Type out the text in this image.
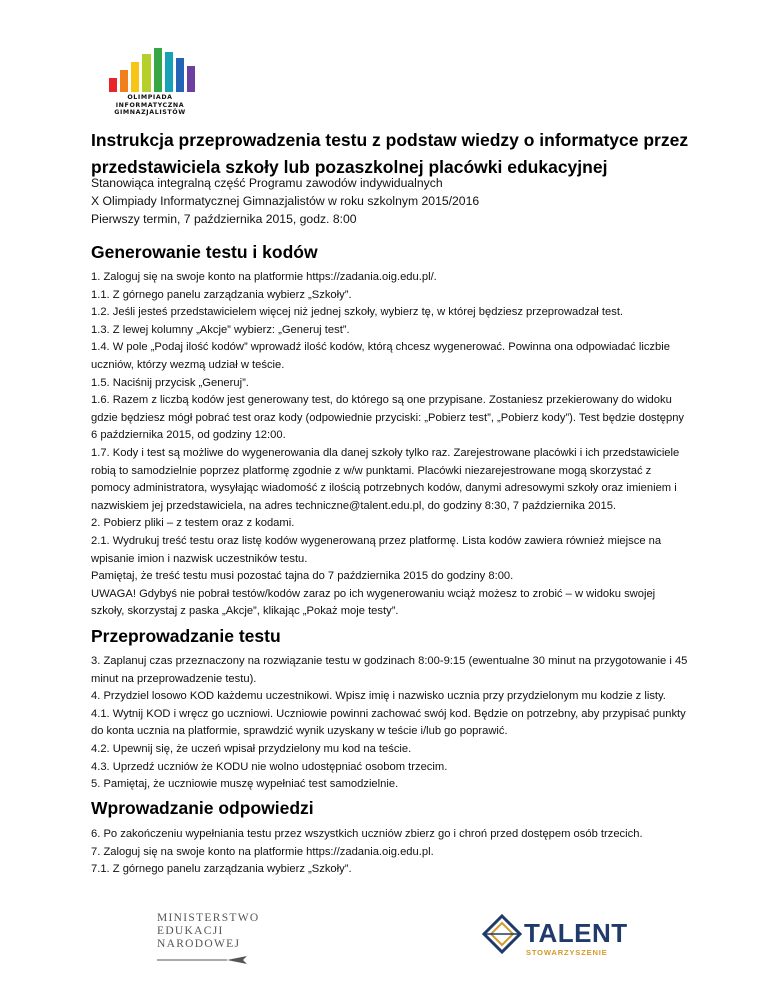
OLIMPIADA
INFORMATYCZNA
GIMNAZJALISTÓW
Instrukcja przeprowadzenia testu z podstaw wiedzy o informatyce przez przedstawiciela szkoły lub pozaszkolnej placówki edukacyjnej
Stanowiąca integralną część Programu zawodów indywidualnych
X Olimpiady Informatycznej Gimnazjalistów w roku szkolnym 2015/2016
Pierwszy termin, 7 października 2015, godz. 8:00
Generowanie testu i kodów

1. Zaloguj się na swoje konto na platformie https://zadania.oig.edu.pl/.

1.1. Z górnego panelu zarządzania wybierz „Szkoły”.

1.2. Jeśli jesteś przedstawicielem więcej niż jednej szkoły, wybierz tę, w której będziesz przeprowadzał test.

1.3. Z lewej kolumny „Akcje” wybierz: „Generuj test”.

1.4. W pole „Podaj ilość kodów” wprowadź ilość kodów, którą chcesz wygenerować. Powinna ona odpowiadać liczbie uczniów, którzy wezmą udział w teście.

1.5. Naciśnij przycisk „Generuj”.

1.6. Razem z liczbą kodów jest generowany test, do którego są one przypisane. Zostaniesz przekierowany do widoku gdzie będziesz mógł pobrać test oraz kody (odpowiednie przyciski: „Pobierz test”, „Pobierz kody”). Test będzie dostępny 6 października 2015, od godziny 12:00.

1.7. Kody i test są możliwe do wygenerowania dla danej szkoły tylko raz. Zarejestrowane placówki i ich przedstawiciele robią to samodzielnie poprzez platformę zgodnie z w/w punktami. Placówki niezarejestrowane mogą skorzystać z pomocy administratora, wysyłając wiadomość z ilością potrzebnych kodów, danymi adresowymi szkoły oraz imieniem i nazwiskiem jej przedstawiciela, na adres techniczne@talent.edu.pl, do godziny 8:30, 7 października 2015.

2. Pobierz pliki – z testem oraz z kodami.

2.1. Wydrukuj treść testu oraz listę kodów wygenerowaną przez platformę. Lista kodów zawiera również miejsce na wpisanie imion i nazwisk uczestników testu.

Pamiętaj, że treść testu musi pozostać tajna do 7 października 2015 do godziny 8:00.

UWAGA! Gdybyś nie pobrał testów/kodów zaraz po ich wygenerowaniu wciąż możesz to zrobić – w widoku swojej szkoły, skorzystaj z paska „Akcje”, klikając „Pokaż moje testy”.

Przeprowadzanie testu

3. Zaplanuj czas przeznaczony na rozwiązanie testu w godzinach 8:00-9:15 (ewentualne 30 minut na przygotowanie i 45 minut na przeprowadzenie testu).

4. Przydziel losowo KOD każdemu uczestnikowi. Wpisz imię i nazwisko ucznia przy przydzielonym mu kodzie z listy.

4.1. Wytnij KOD i wręcz go uczniowi. Uczniowie powinni zachować swój kod. Będzie on potrzebny, aby przypisać punkty do konta ucznia na platformie, sprawdzić wynik uzyskany w teście i/lub go poprawić.

4.2. Upewnij się, że uczeń wpisał przydzielony mu kod na teście.

4.3. Uprzedź uczniów że KODU nie wolno udostępniać osobom trzecim.

5. Pamiętaj, że uczniowie muszę wypełniać test samodzielnie.

Wprowadzanie odpowiedzi

6. Po zakończeniu wypełniania testu przez wszystkich uczniów zbierz go i chroń przed dostępem osób trzecich.

7. Zaloguj się na swoje konto na platformie https://zadania.oig.edu.pl.

7.1. Z górnego panelu zarządzania wybierz „Szkoły”.

MINISTERSTWO
EDUKACJI
NARODOWEJ	TALENT
STOWARZYSZENIE
